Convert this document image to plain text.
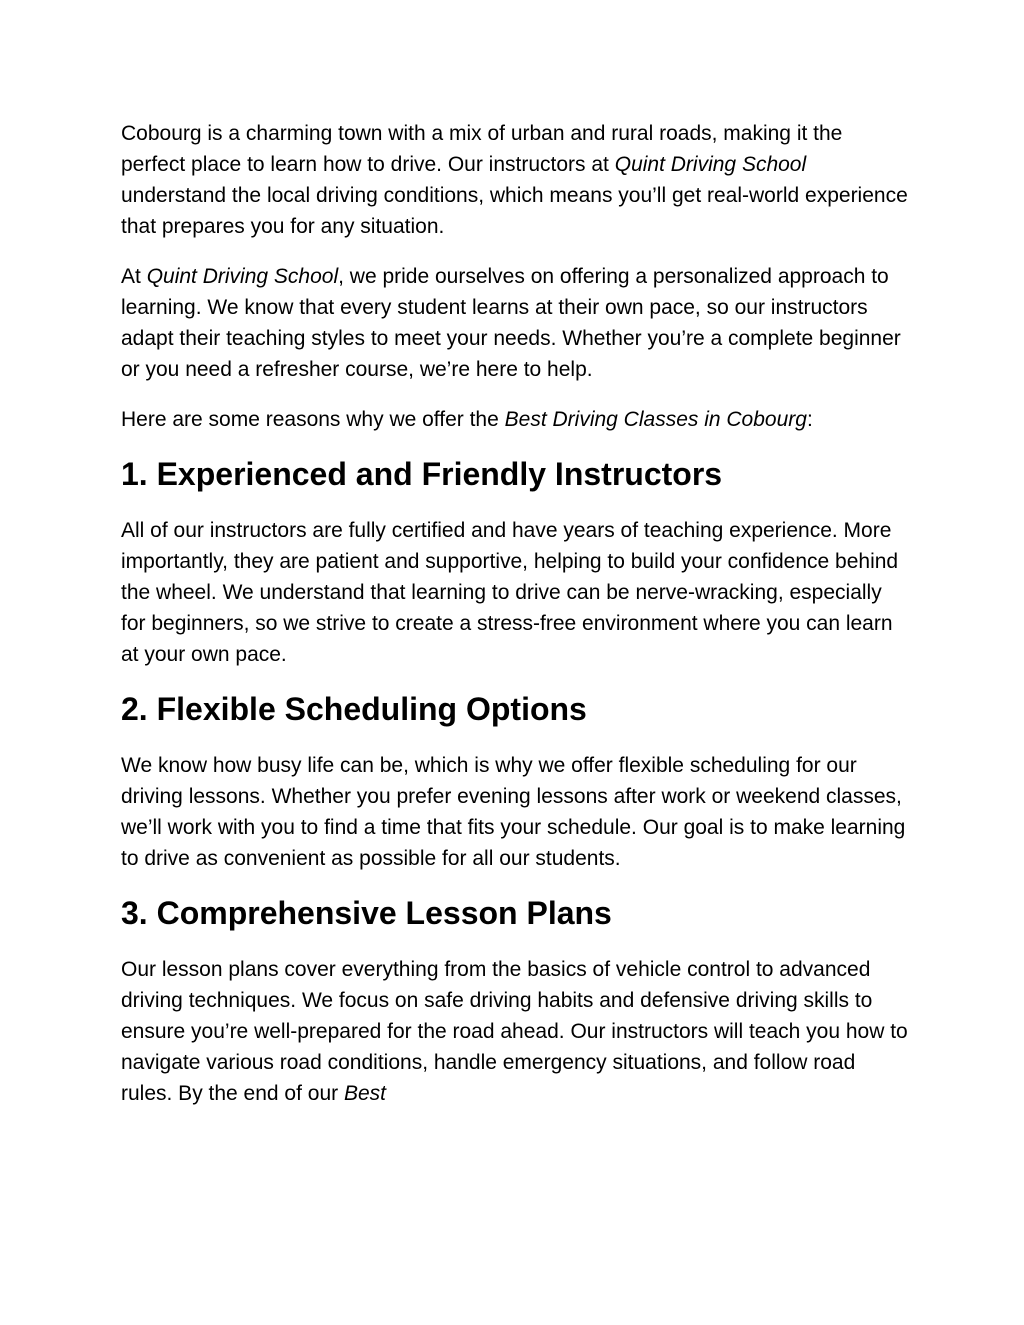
Cobourg is a charming town with a mix of urban and rural roads, making it the perfect place to learn how to drive. Our instructors at Quint Driving School understand the local driving conditions, which means you’ll get real-world experience that prepares you for any situation.

At Quint Driving School, we pride ourselves on offering a personalized approach to learning. We know that every student learns at their own pace, so our instructors adapt their teaching styles to meet your needs. Whether you’re a complete beginner or you need a refresher course, we’re here to help.

Here are some reasons why we offer the Best Driving Classes in Cobourg:

1. Experienced and Friendly Instructors

All of our instructors are fully certified and have years of teaching experience. More importantly, they are patient and supportive, helping to build your confidence behind the wheel. We understand that learning to drive can be nerve-wracking, especially for beginners, so we strive to create a stress-free environment where you can learn at your own pace.

2. Flexible Scheduling Options

We know how busy life can be, which is why we offer flexible scheduling for our driving lessons. Whether you prefer evening lessons after work or weekend classes, we’ll work with you to find a time that fits your schedule. Our goal is to make learning to drive as convenient as possible for all our students.

3. Comprehensive Lesson Plans

Our lesson plans cover everything from the basics of vehicle control to advanced driving techniques. We focus on safe driving habits and defensive driving skills to ensure you’re well-prepared for the road ahead. Our instructors will teach you how to navigate various road conditions, handle emergency situations, and follow road rules. By the end of our Best
